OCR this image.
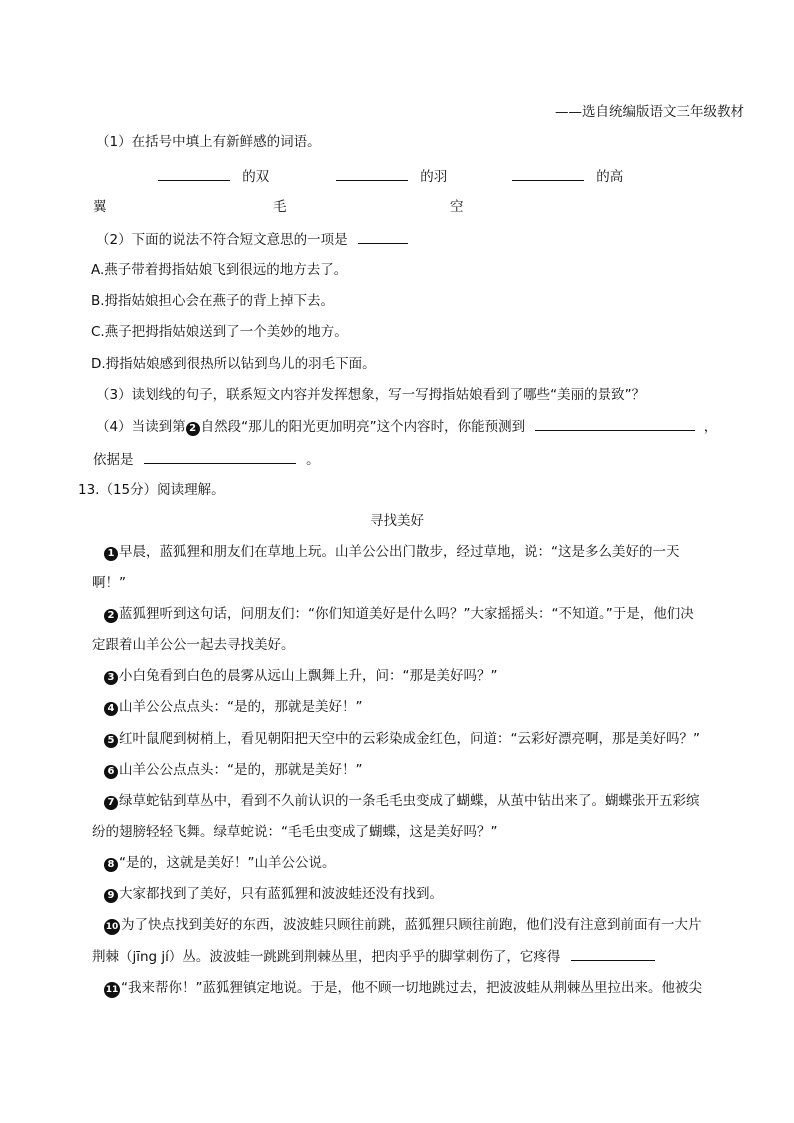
——选自统编版语文三年级教材
（1）在括号中填上有新鲜感的词语。
的双	的羽	的高
翼	毛	空
（2）下面的说法不符合短文意思的一项是
A.燕子带着拇指姑娘飞到很远的地方去了。
B.拇指姑娘担心会在燕子的背上掉下去。
C.燕子把拇指姑娘送到了一个美妙的地方。
D.拇指姑娘感到很热所以钻到鸟儿的羽毛下面。
（3）读划线的句子，联系短文内容并发挥想象，写一写拇指姑娘看到了哪些“美丽的景致”？
（4）当读到第 2 自然段“那儿的阳光更加明亮”这个内容时，你能预测到	，
依据是	。
13.（15分）阅读理解。
寻找美好
1 早晨，蓝狐狸和朋友们在草地上玩。山羊公公出门散步，经过草地，说：“这是多么美好的一天
啊！”
2 蓝狐狸听到这句话，问朋友们：“你们知道美好是什么吗？”大家摇摇头：“不知道。”于是，他们决
定跟着山羊公公一起去寻找美好。
3 小白兔看到白色的晨雾从远山上飘舞上升，问：“那是美好吗？”
4 山羊公公点点头：“是的，那就是美好！”
5 红叶鼠爬到树梢上，看见朝阳把天空中的云彩染成金红色，问道：“云彩好漂亮啊，那是美好吗？”
6 山羊公公点点头：“是的，那就是美好！”
7 绿草蛇钻到草丛中，看到不久前认识的一条毛毛虫变成了蝴蝶，从茧中钻出来了。蝴蝶张开五彩缤
纷的翅膀轻轻飞舞。绿草蛇说：“毛毛虫变成了蝴蝶，这是美好吗？”
8 “是的，这就是美好！”山羊公公说。
9 大家都找到了美好，只有蓝狐狸和波波蛙还没有找到。
10 为了快点找到美好的东西，波波蛙只顾往前跳，蓝狐狸只顾往前跑，他们没有注意到前面有一大片
荆棘（jīng jí）丛。波波蛙一跳跳到荆棘丛里，把肉乎乎的脚掌刺伤了，它疼得
11 “我来帮你！”蓝狐狸镇定地说。于是，他不顾一切地跳过去，把波波蛙从荆棘丛里拉出来。他被尖
